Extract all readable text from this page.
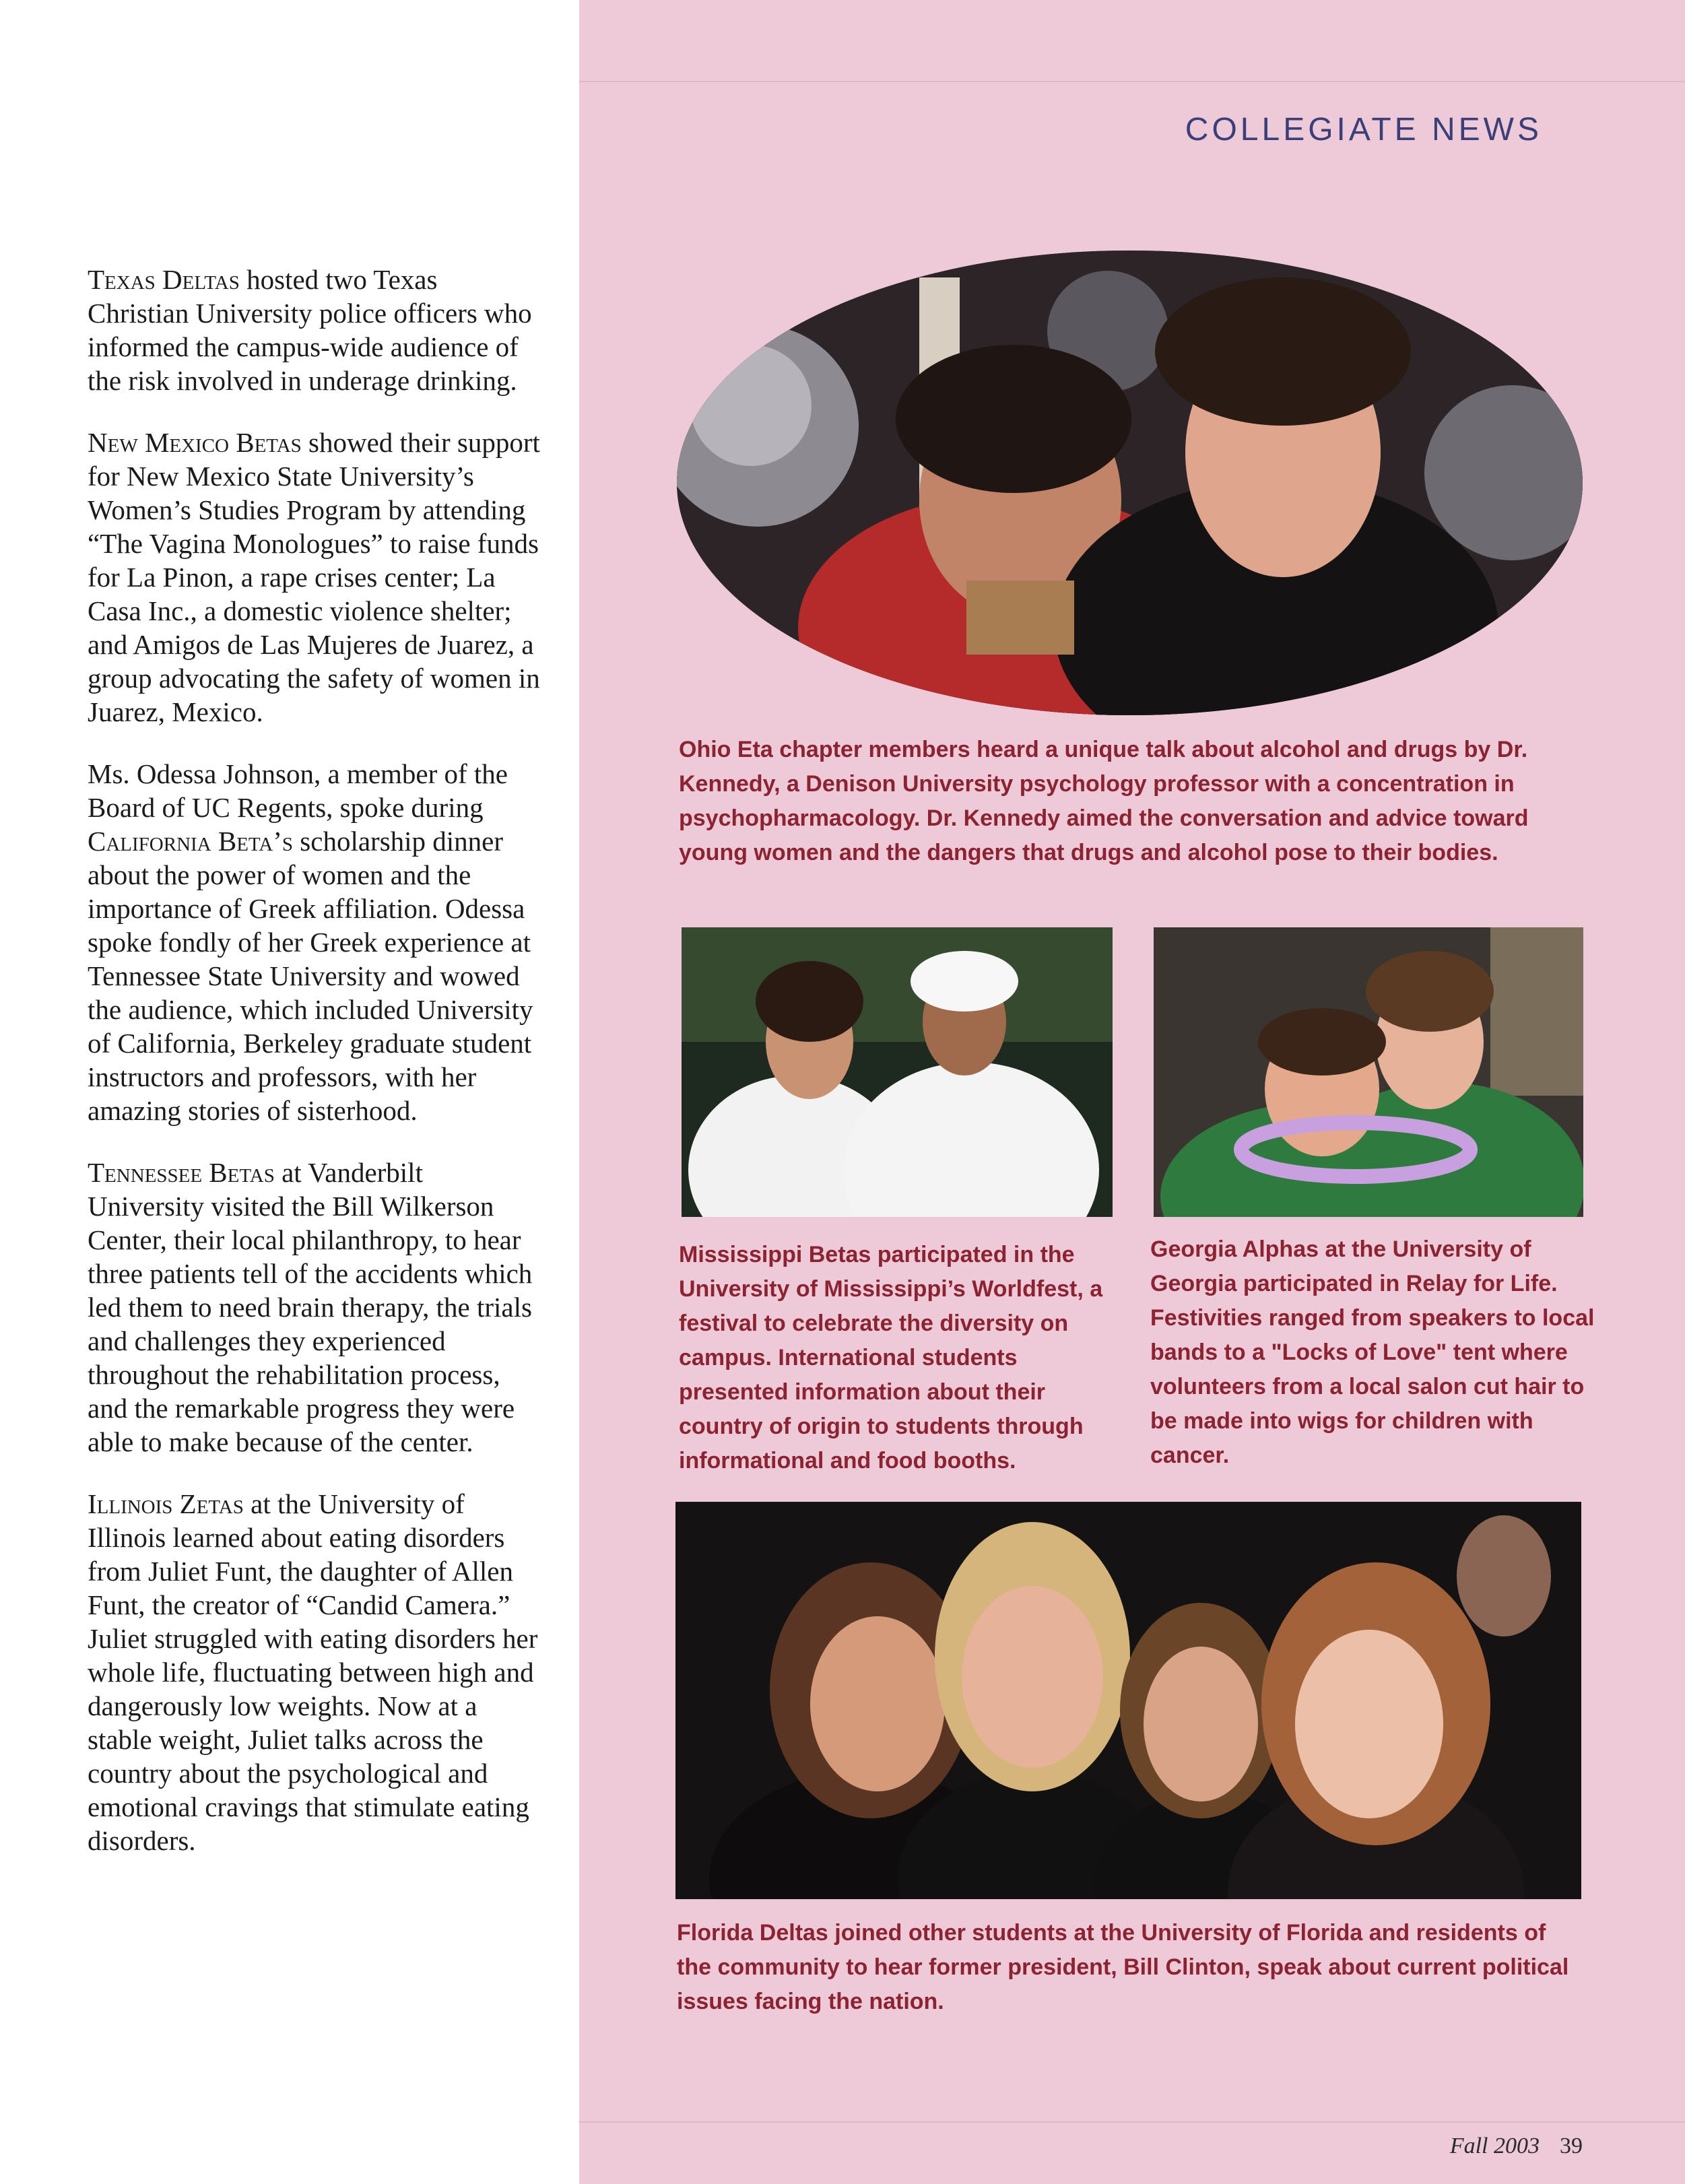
COLLEGIATE NEWS

Texas Deltas hosted two Texas Christian University police officers who informed the campus-wide audience of the risk involved in underage drinking.

New Mexico Betas showed their support for New Mexico State University’s Women’s Studies Program by attending “The Vagina Monologues” to raise funds for La Pinon, a rape crises center; La Casa Inc., a domestic violence shelter; and Amigos de Las Mujeres de Juarez, a group advocating the safety of women in Juarez, Mexico.

Ms. Odessa Johnson, a member of the Board of UC Regents, spoke during California Beta’s scholarship dinner about the power of women and the importance of Greek affiliation. Odessa spoke fondly of her Greek experience at Tennessee State University and wowed the audience, which included University of California, Berkeley graduate student instructors and professors, with her amazing stories of sisterhood.

Tennessee Betas at Vanderbilt University visited the Bill Wilkerson Center, their local philanthropy, to hear three patients tell of the accidents which led them to need brain therapy, the trials and challenges they experienced throughout the rehabilitation process, and the remarkable progress they were able to make because of the center.

Illinois Zetas at the University of Illinois learned about eating disorders from Juliet Funt, the daughter of Allen Funt, the creator of “Candid Camera.” Juliet struggled with eating disorders her whole life, fluctuating between high and dangerously low weights. Now at a stable weight, Juliet talks across the country about the psychological and emotional cravings that stimulate eating disorders.

Ohio Eta chapter members heard a unique talk about alcohol and drugs by Dr. Kennedy, a Denison University psychology professor with a concentration in psychopharmacology. Dr. Kennedy aimed the conversation and advice toward young women and the dangers that drugs and alcohol pose to their bodies.
Mississippi Betas participated in the University of Mississippi’s Worldfest, a festival to celebrate the diversity on campus. International students presented information about their country of origin to students through informational and food booths.
Georgia Alphas at the University of Georgia participated in Relay for Life. Festivities ranged from speakers to local bands to a "Locks of Love" tent where volunteers from a local salon cut hair to be made into wigs for children with cancer.
Florida Deltas joined other students at the University of Florida and residents of the community to hear former president, Bill Clinton, speak about current political issues facing the nation.
Fall 2003 39
